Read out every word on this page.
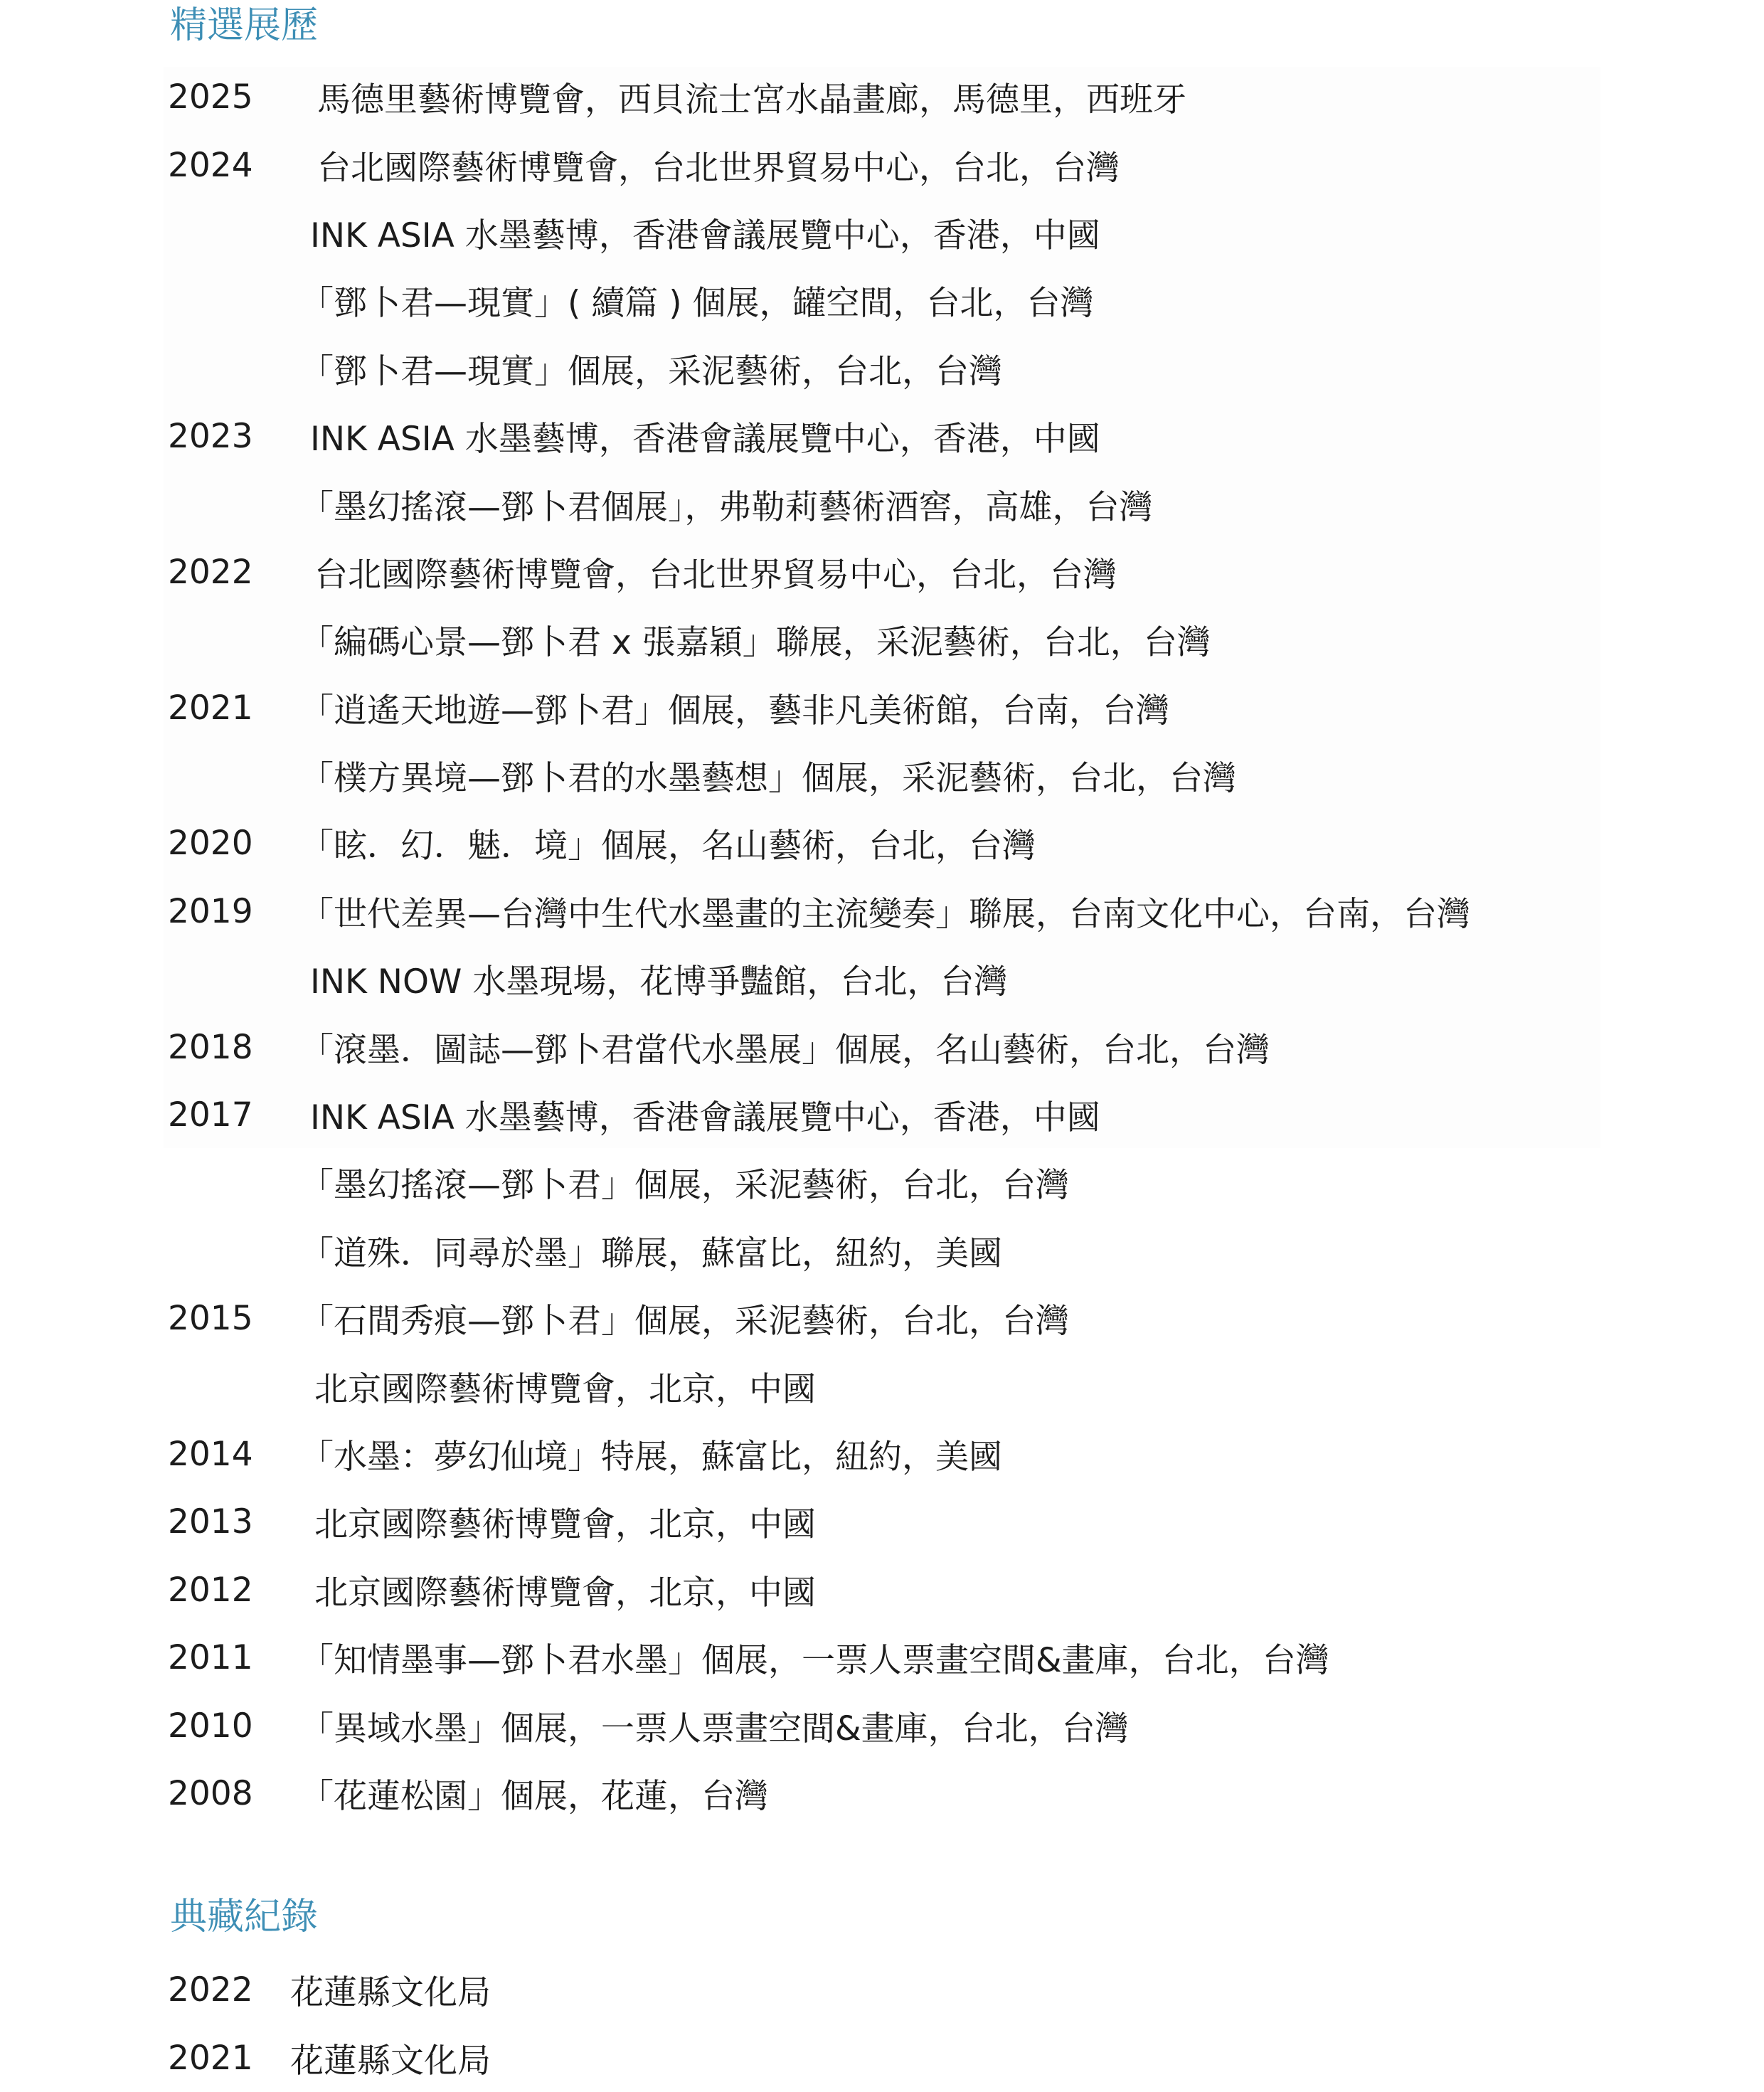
精選展歷
2025 馬德里藝術博覽會，西貝流士宮水晶畫廊，馬德里，西班牙
2024 台北國際藝術博覽會，台北世界貿易中心，台北，台灣
INK ASIA 水墨藝博，香港會議展覽中心，香港，中國
「鄧卜君—現實」( 續篇 ) 個展，罐空間，台北，台灣
「鄧卜君—現實」個展，采泥藝術，台北，台灣
2023 INK ASIA 水墨藝博，香港會議展覽中心，香港，中國
「墨幻搖滾—鄧卜君個展」，弗勒莉藝術酒窖，高雄，台灣
2022 台北國際藝術博覽會，台北世界貿易中心，台北，台灣
「編碼心景—鄧卜君 x 張嘉穎」聯展，采泥藝術，台北，台灣
2021 「逍遙天地遊—鄧卜君」個展，藝非凡美術館，台南，台灣
「樸方異境—鄧卜君的水墨藝想」個展，采泥藝術，台北，台灣
2020 「眩．幻．魅．境」個展，名山藝術，台北，台灣
2019 「世代差異—台灣中生代水墨畫的主流變奏」聯展，台南文化中心，台南，台灣
INK NOW 水墨現場，花博爭豔館，台北，台灣
2018 「滾墨．圖誌—鄧卜君當代水墨展」個展，名山藝術，台北，台灣
2017 INK ASIA 水墨藝博，香港會議展覽中心，香港，中國
「墨幻搖滾—鄧卜君」個展，采泥藝術，台北，台灣
「道殊．同尋於墨」聯展，蘇富比，紐約，美國
2015 「石間秀痕—鄧卜君」個展，采泥藝術，台北，台灣
北京國際藝術博覽會，北京，中國
2014 「水墨：夢幻仙境」特展，蘇富比，紐約，美國
2013 北京國際藝術博覽會，北京，中國
2012 北京國際藝術博覽會，北京，中國
2011 「知情墨事—鄧卜君水墨」個展，一票人票畫空間&畫庫，台北，台灣
2010 「異域水墨」個展，一票人票畫空間&畫庫，台北，台灣
2008 「花蓮松園」個展，花蓮，台灣
典藏紀錄
2022 花蓮縣文化局
2021 花蓮縣文化局
